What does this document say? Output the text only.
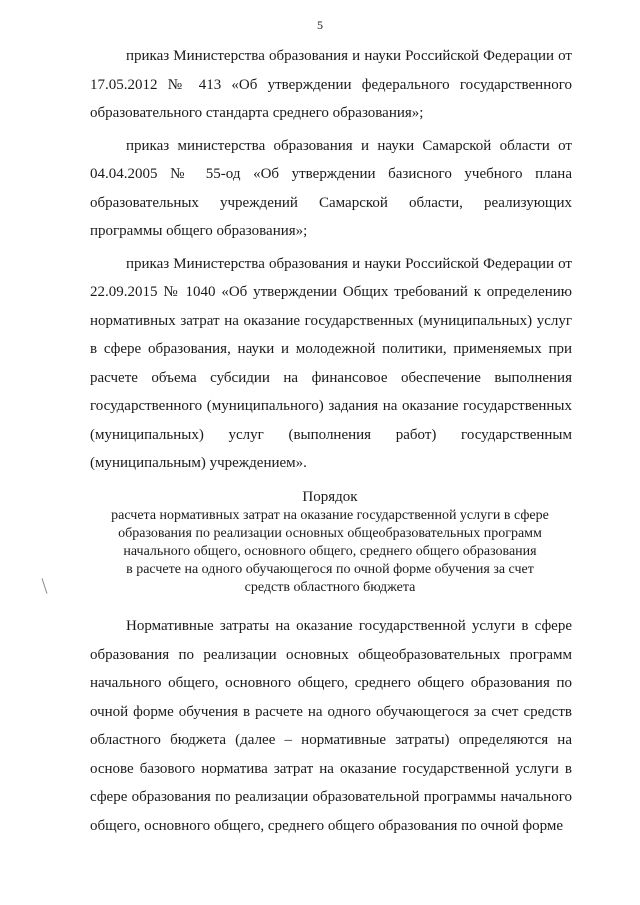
5

приказ Министерства образования и науки Российской Федерации от 17.05.2012 № 413 «Об утверждении федерального государственного образовательного стандарта среднего образования»;

приказ министерства образования и науки Самарской области от 04.04.2005 № 55-од «Об утверждении базисного учебного плана образовательных учреждений Самарской области, реализующих программы общего образования»;

приказ Министерства образования и науки Российской Федерации от 22.09.2015 № 1040 «Об утверждении Общих требований к определению нормативных затрат на оказание государственных (муниципальных) услуг в сфере образования, науки и молодежной политики, применяемых при расчете объема субсидии на финансовое обеспечение выполнения государственного (муниципального) задания на оказание государственных (муниципальных) услуг (выполнения работ) государственным (муниципальным) учреждением».

Порядок

расчета нормативных затрат на оказание государственной услуги в сфере
образования по реализации основных общеобразовательных программ
начального общего, основного общего, среднего общего образования
в расчете на одного обучающегося по очной форме обучения за счет
средств областного бюджета

Нормативные затраты на оказание государственной услуги в сфере образования по реализации основных общеобразовательных программ начального общего, основного общего, среднего общего образования по очной форме обучения в расчете на одного обучающегося за счет средств областного бюджета (далее – нормативные затраты) определяются на основе базового норматива затрат на оказание государственной услуги в сфере образования по реализации образовательной программы начального общего, основного общего, среднего общего образования по очной форме
